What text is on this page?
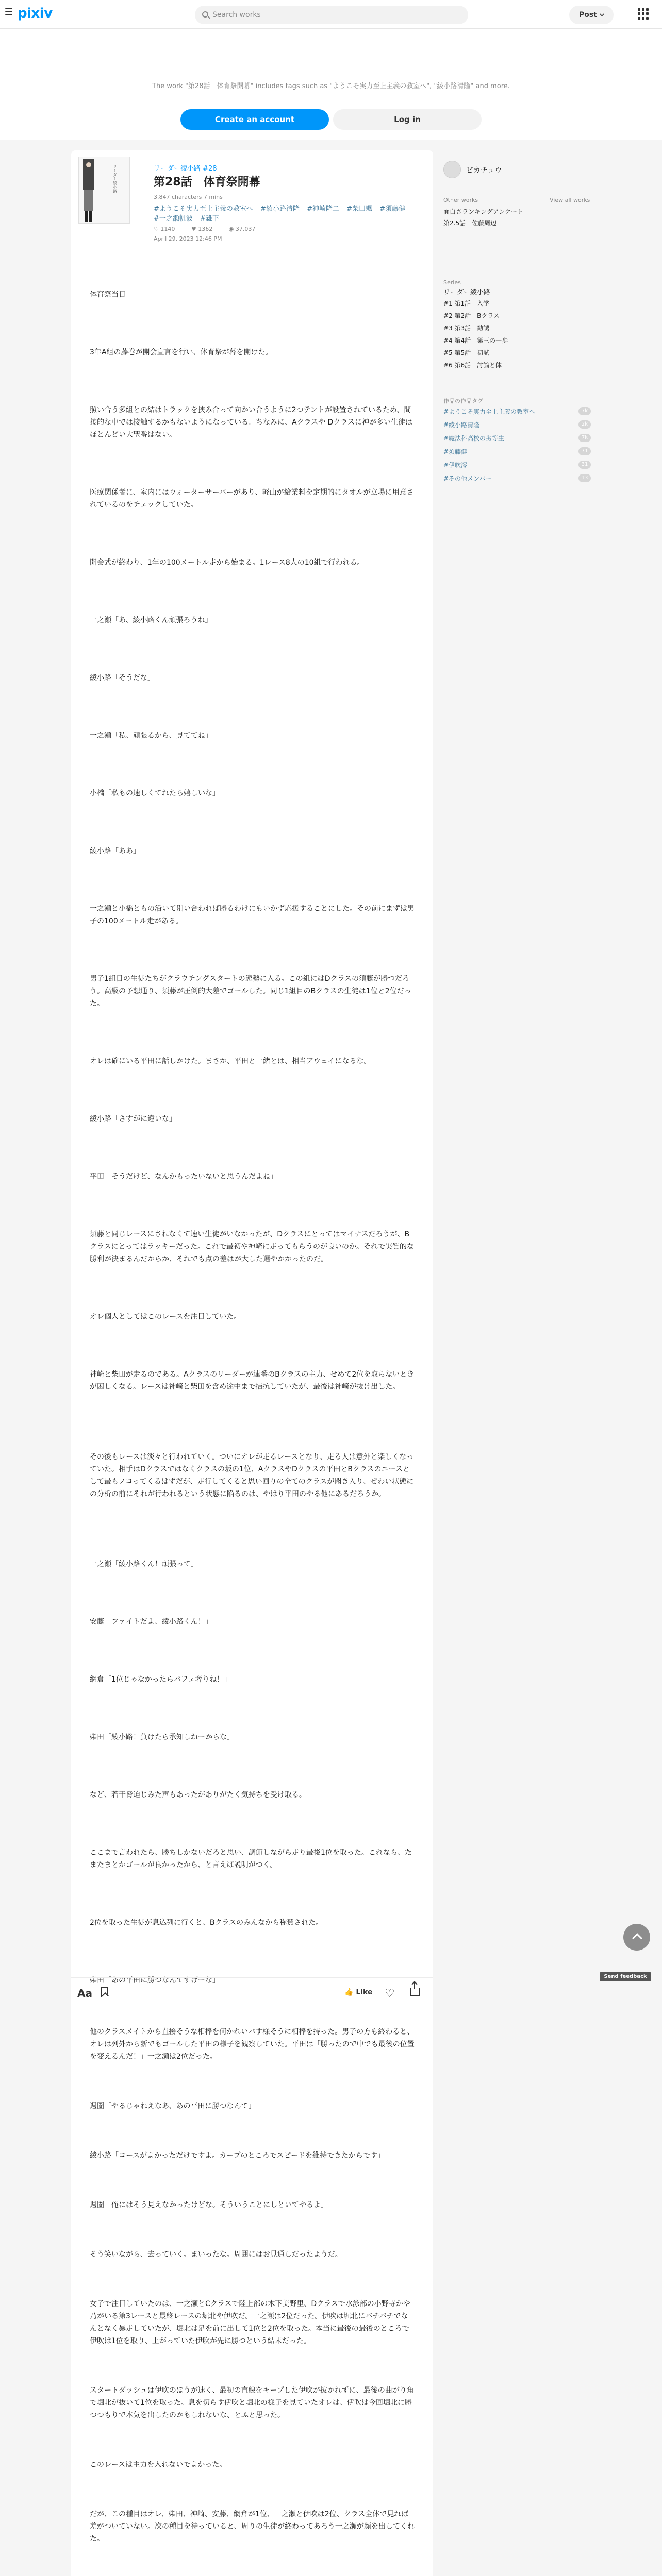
pixiv
Search works	Post
The work "第28話　体育祭開幕" includes tags such as "ようこそ実力至上主義の教室へ", "綾小路清隆" and more.
Create an account	Log in
リーダー綾小路	リーダー綾小路 #28
第28話　体育祭開幕
3,847 characters 7 mins
#ようこそ実力至上主義の教室へ #綾小路清隆 #神崎隆二 #柴田颯 #須藤健 #一之瀬帆波 #雑下
♡ 1140	♥ 1362	◉ 37,037
April 29, 2023 12:46 PM

体育祭当日

3年A組の藤巻が開会宣言を行い、体育祭が幕を開けた。

照い合う多組との結はトラックを挟み合って向かい合うように2つテントが設置されているため、間接的な中では接触するかもないようになっている。ちなみに、Aクラスや Dクラスに神が多い生徒はほとんどい大聖番はない。

医療関係者に、室内にはウォーターサーバーがあり、軽山が給業料を定期的にタオルが立場に用意されているのをチェックしていた。

開会式が終わり、1年の100メートル走から始まる。1レース8人の10組で行われる。

一之瀬「あ、綾小路くん頑張ろうね」

綾小路「そうだな」

一之瀬「私、頑張るから、見ててね」

小橋「私もの速しくてれたら嬉しいな」

綾小路「ああ」

一之瀬と小橋ともの沿いて別い合われば勝るわけにもいかず応援することにした。その前にまずは男子の100メートル走がある。

男子1組目の生徒たちがクラウチングスタートの態勢に入る。この組にはDクラスの須藤が勝つだろう。高級の予想通り、須藤が圧倒的大差でゴールした。同じ1組目のBクラスの生徒は1位と2位だった。

オレは確にいる平田に話しかけた。まさか、平田と一緒とは、相当アウェイになるな。

綾小路「さすがに違いな」

平田「そうだけど、なんかもったいないと思うんだよね」

須藤と同じレースにされなくて速い生徒がいなかったが、Dクラスにとってはマイナスだろうが、Bクラスにとってはラッキーだった。これで最初や神崎に走ってもらうのが良いのか。それで実質的な勝利が決まるんだからか、それでも点の差はが大した選やかかったのだ。

オレ個人としてはこのレースを注目していた。

神崎と柴田が走るのである。Aクラスのリーダーが連番のBクラスの主力、せめて2位を取らないときが困しくなる。レースは神崎と柴田を含め途中まで拮抗していたが、最後は神崎が抜け出した。

その後もレースは淡々と行われていく。ついにオレが走るレースとなり、走る人は意外と楽しくなっていた。相手はDクラスではなくクラスの坂の1位、AクラスやDクラスの平田とBクラスのエースとして最もノコってくるはずだが、走行してくると思い回りの全てのクラスが聞き入り、ぜわい状態にの分析の前にそれが行われるという状態に陥るのは、やはり平田のやる他にあるだろうか。

一之瀬「綾小路くん！頑張って」

安藤「ファイトだよ、綾小路くん！」

網倉「1位じゃなかったらパフェ奢りね！」

柴田「綾小路！負けたら承知しねーからな」

など、若干脅迫じみた声もあったがありがたく気持ちを受け取る。

ここまで言われたら、勝ちしかないだろと思い、調節しながら走り最後1位を取った。これなら、たまたまとかゴールが良かったから、と言えば説明がつく。

2位を取った生徒が息込列に行くと、Bクラスのみんなから称賛された。

柴田「あの平田に勝つなんてすげーな」

Aa	👍 Like ♡

他のクラスメイトから直接そうな相棒を何かれいバす様そうに相棒を持った。男子の方も終わると、オレは列外から新でもゴールした平田の様子を観察していた。平田は「勝ったので中でも最後の位置を変えるんだ！」一之瀬は2位だった。

週圏「やるじゃねえなあ、あの平田に勝つなんて」

綾小路「コースがよかっただけですよ。カーブのところでスピードを維持できたからです」

週圏「俺にはそう見えなかったけどな。そういうことにしといてやるよ」

そう笑いながら、去っていく。まいったな。周囲にはお見通しだったようだ。

女子で注目していたのは、一之瀬とCクラスで陸上部の木下美野里、Dクラスで水泳部の小野寺かや乃がいる第3レースと最終レースの堀北や伊吹だ。一之瀬は2位だった。伊吹は堀北にバチバチでなんとなく暴走していたが、堀北は足を前に出して1位と2位を取った。本当に最後の最後のところで伊吹は1位を取り、上がっていた伊吹が先に勝つという結末だった。

スタートダッシュは伊吹のほうが速く、最初の直線をキープした伊吹が抜かれずに、最後の曲がり角で堀北が抜いて1位を取った。息を切らす伊吹と堀北の様子を見ていたオレは、伊吹は今回堀北に勝つつもりで本気を出したのかもしれないな、とふと思った。

このレースは主力を入れないでよかった。

だが、この種目はオレ、柴田、神崎、安藤、網倉が1位、一之瀬と伊吹は2位、クラス全体で見れば差がついていない。次の種目を待っていると、周りの生徒が終わってあろう一之瀬が顔を出してくれた。

ビカチュウ
Other works	View all works
面白さランキングアンケート
第2.5話　佐藤周辺
Series
リーダー綾小路
#1 第1話　入学
#2 第2話　Bクラス
#3 第3話　勧誘
#4 第4話　第三の一歩
#5 第5話　初試
#6 第6話　討論と体
作品の作品タグ
#ようこそ実力至上主義の教室へ	7k
#綾小路清隆	2k
#魔法科高校の劣等生	7k
#須藤健	71
#伊吹澪	31
#その他メンバー	13
Send feedback
